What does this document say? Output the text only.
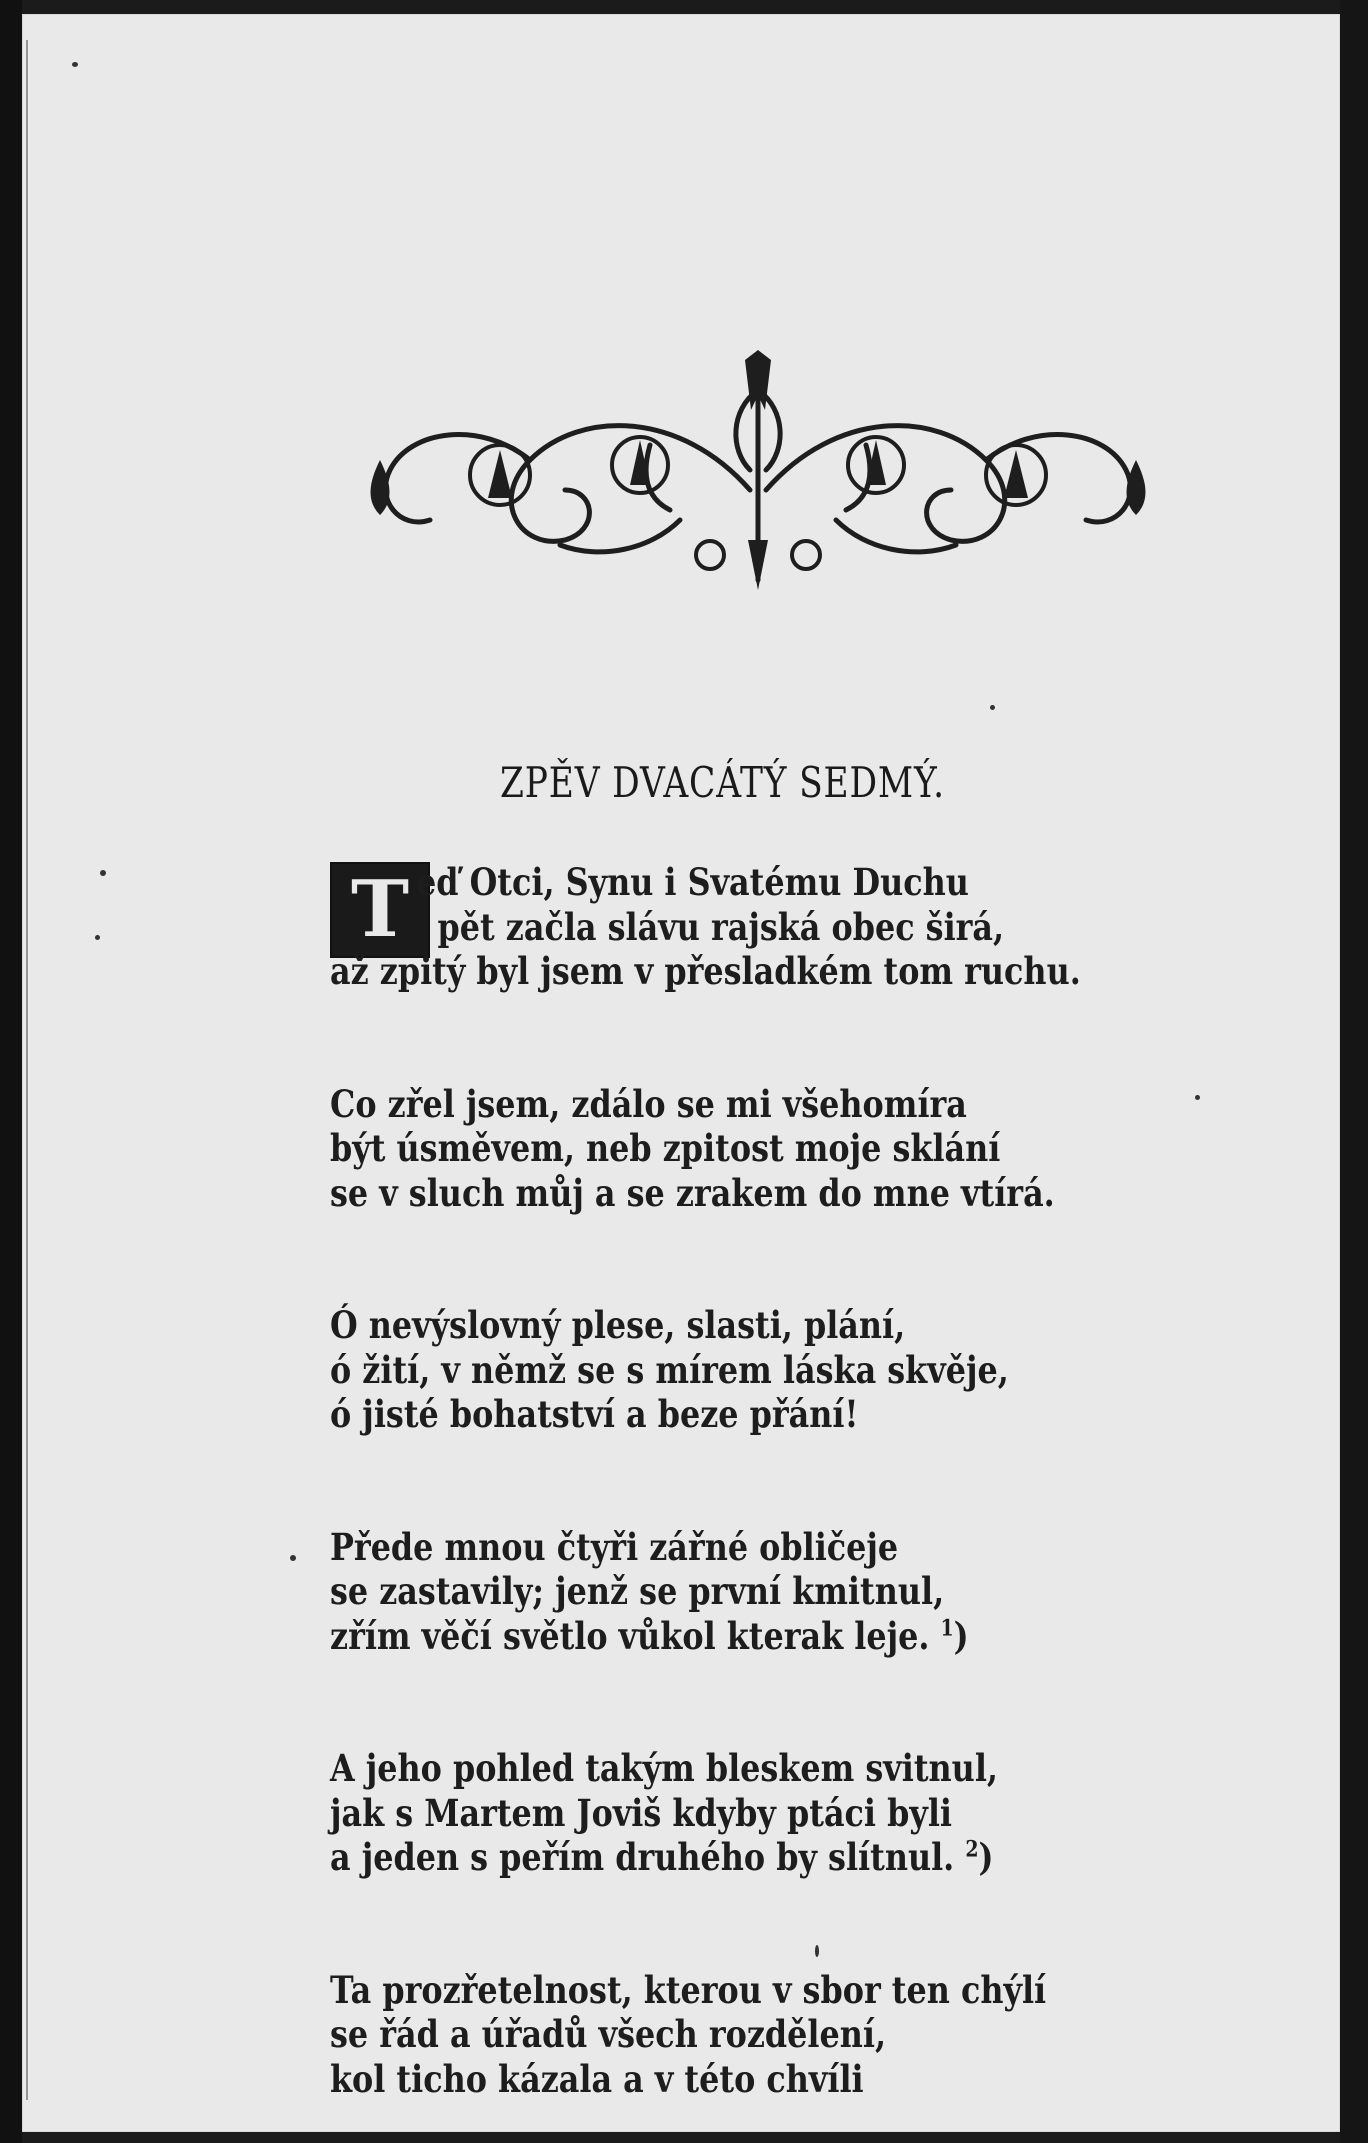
ZPĚV DVACÁTÝ SEDMÝ.
T eď Otci, Synu i Svatému Duchu
pět začla slávu rajská obec širá,
až zpitý byl jsem v přesladkém tom ruchu.
Co zřel jsem, zdálo se mi všehomíra
být úsměvem, neb zpitost moje sklání
se v sluch můj a se zrakem do mne vtírá.
Ó nevýslovný plese, slasti, plání,
ó žití, v němž se s mírem láska skvěje,
ó jisté bohatství a beze přání!
Přede mnou čtyři zářné obličeje
se zastavily; jenž se první kmitnul,
zřím věčí světlo vůkol kterak leje. $^1$)
A jeho pohled takým bleskem svitnul,
jak s Martem Joviš kdyby ptáci byli
a jeden s peřím druhého by slítnul. $^2$)
Ta prozřetelnost, kterou v sbor ten chýlí
se řád a úřadů všech rozdělení,
kol ticho kázala a v této chvíli
